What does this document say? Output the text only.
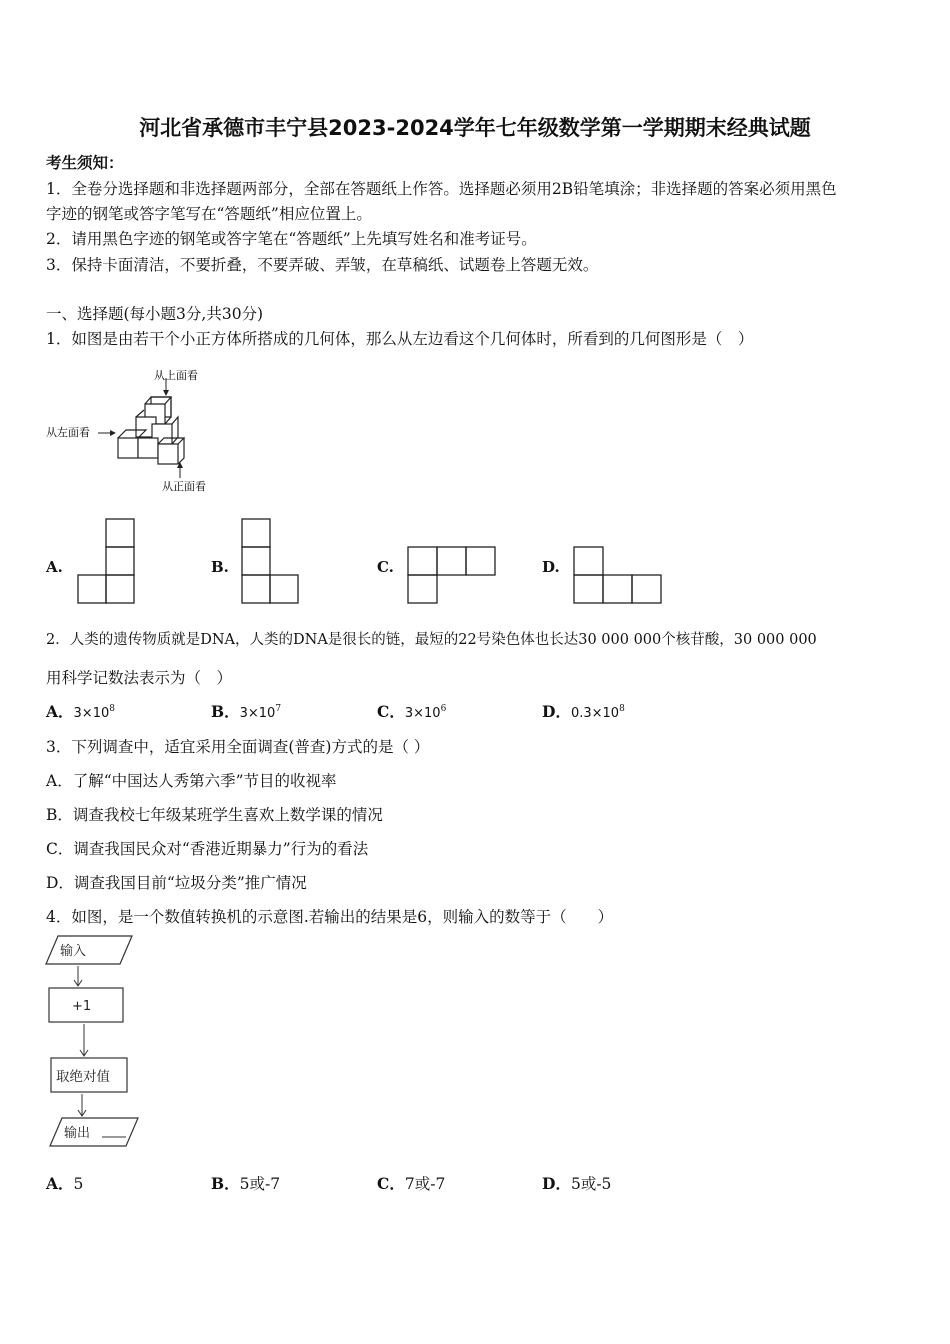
河北省承德市丰宁县2023-2024学年七年级数学第一学期期末经典试题
考生须知：
1．全卷分选择题和非选择题两部分，全部在答题纸上作答。选择题必须用2B铅笔填涂；非选择题的答案必须用黑色
字迹的钢笔或答字笔写在“答题纸”相应位置上。
2．请用黑色字迹的钢笔或答字笔在“答题纸”上先填写姓名和准考证号。
3．保持卡面清洁，不要折叠，不要弄破、弄皱，在草稿纸、试题卷上答题无效。
一、选择题(每小题3分,共30分)
1．如图是由若干个小正方体所搭成的几何体，那么从左边看这个几何体时，所看到的几何图形是（　）
从上面看
从左面看
从正面看
A.	B.	C.	D.
2．人类的遗传物质就是DNA，人类的DNA是很长的链，最短的22号染色体也长达30 000 000个核苷酸，30 000 000
用科学记数法表示为（　）
A．$3\times 10^8$	B．$3\times 10^7$	C．$3\times 10^6$	D．$0.3\times 10^8$
3．下列调查中，适宜采用全面调查(普查)方式的是（ ）
A．了解“中国达人秀第六季”节目的收视率
B．调查我校七年级某班学生喜欢上数学课的情况
C．调查我国民众对“香港近期暴力”行为的看法
D．调查我国目前“垃圾分类”推广情况
4．如图，是一个数值转换机的示意图.若输出的结果是6，则输入的数等于（　　）
输入
+1
取绝对值
输出
A．5	B．5或-7	C．7或-7	D．5或-5
